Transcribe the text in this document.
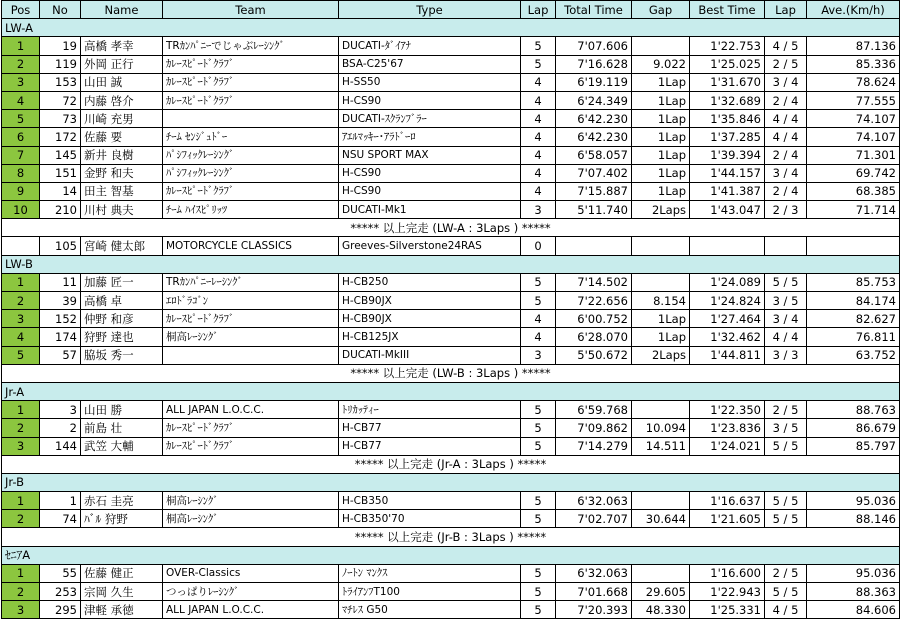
Pos	No	Name	Team	Type	Lap	Total Time	Gap	Best Time	Lap	Ave.(Km/h)
LW-A										
1	19	高橋 孝幸	TRｶﾝﾊﾟﾆｰでじゃぶﾚｰｼﾝｸﾞ	DUCATI-ﾀﾞｲｱﾅ	5	7'07.606		1'22.753	4 / 5	87.136
2	119	外岡 正行	ｶﾚｰｽﾋﾟｰﾄﾞｸﾗﾌﾞ	BSA-C25'67	5	7'16.628	9.022	1'25.025	2 / 5	85.336
3	153	山田 誠	ｶﾚｰｽﾋﾟｰﾄﾞｸﾗﾌﾞ	H-SS50	4	6'19.119	1Lap	1'31.670	3 / 4	78.624
4	72	内藤 啓介	ｶﾚｰｽﾋﾟｰﾄﾞｸﾗﾌﾞ	H-CS90	4	6'24.349	1Lap	1'32.689	2 / 4	77.555
5	73	川崎 充男		DUCATI-ｽｸﾗﾝﾌﾞﾗｰ	4	6'42.230	1Lap	1'35.846	4 / 4	74.107
6	172	佐藤 要	ﾁｰﾑ ｾﾝｼﾞｭﾄﾞｰ	ｱｴﾙﾏｯｷｰ･ｱﾗﾄﾞｰﾛ	4	6'42.230	1Lap	1'37.285	4 / 4	74.107
7	145	新井 良樹	ﾊﾟｼﾌｨｯｸﾚｰｼﾝｸﾞ	NSU SPORT MAX	4	6'58.057	1Lap	1'39.394	2 / 4	71.301
8	151	金野 和夫	ﾊﾟｼﾌｨｯｸﾚｰｼﾝｸﾞ	H-CS90	4	7'07.402	1Lap	1'44.157	3 / 4	69.742
9	14	田主 智基	ｶﾚｰｽﾋﾟｰﾄﾞｸﾗﾌﾞ	H-CS90	4	7'15.887	1Lap	1'41.387	2 / 4	68.385
10	210	川村 典夫	ﾁｰﾑ ﾊｲｽﾋﾟﾘｯﾂ	DUCATI-Mk1	3	5'11.740	2Laps	1'43.047	2 / 3	71.714
***** 以上完走 (LW-A : 3Laps ) *****										
	105	宮崎 健太郎	MOTORCYCLE CLASSICS	Greeves-Silverstone24RAS	0					
LW-B										
1	11	加藤 匠一	TRｶﾝﾊﾟﾆｰﾚｰｼﾝｸﾞ	H-CB250	5	7'14.502		1'24.089	5 / 5	85.753
2	39	高橋 卓	ｴﾛﾄﾞﾗｺﾞﾝ	H-CB90JX	5	7'22.656	8.154	1'24.824	3 / 5	84.174
3	152	仲野 和彦	ｶﾚｰｽﾋﾟｰﾄﾞｸﾗﾌﾞ	H-CB90JX	4	6'00.752	1Lap	1'27.464	3 / 4	82.627
4	174	狩野 達也	桐高ﾚｰｼﾝｸﾞ	H-CB125JX	4	6'28.070	1Lap	1'32.462	4 / 4	76.811
5	57	脇坂 秀一		DUCATI-MkIII	3	5'50.672	2Laps	1'44.811	3 / 3	63.752
***** 以上完走 (LW-B : 3Laps ) *****										
Jr-A										
1	3	山田 勝	ALL JAPAN L.O.C.C.	ﾄﾘｶｯﾃｨｰ	5	6'59.768		1'22.350	2 / 5	88.763
2	2	前島 壮	ｶﾚｰｽﾋﾟｰﾄﾞｸﾗﾌﾞ	H-CB77	5	7'09.862	10.094	1'23.836	3 / 5	86.679
3	144	武笠 大輔	ｶﾚｰｽﾋﾟｰﾄﾞｸﾗﾌﾞ	H-CB77	5	7'14.279	14.511	1'24.021	5 / 5	85.797
***** 以上完走 (Jr-A : 3Laps ) *****										
Jr-B										
1	1	赤石 圭亮	桐高ﾚｰｼﾝｸﾞ	H-CB350	5	6'32.063		1'16.637	5 / 5	95.036
2	74	ﾊﾞﾙ 狩野	桐高ﾚｰｼﾝｸﾞ	H-CB350'70	5	7'02.707	30.644	1'21.605	5 / 5	88.146
***** 以上完走 (Jr-B : 3Laps ) *****										
ｾﾆｱA										
1	55	佐藤 健正	OVER-Classics	ﾉｰﾄﾝ ﾏﾝｸｽ	5	6'32.063		1'16.600	2 / 5	95.036
2	253	宗岡 久生	つっぱりﾚｰｼﾝｸﾞ	ﾄﾗｲｱﾝﾌT100	5	7'01.668	29.605	1'22.943	5 / 5	88.363
3	295	津軽 承徳	ALL JAPAN L.O.C.C.	ﾏﾁﾚｽ G50	5	7'20.393	48.330	1'25.331	4 / 5	84.606
